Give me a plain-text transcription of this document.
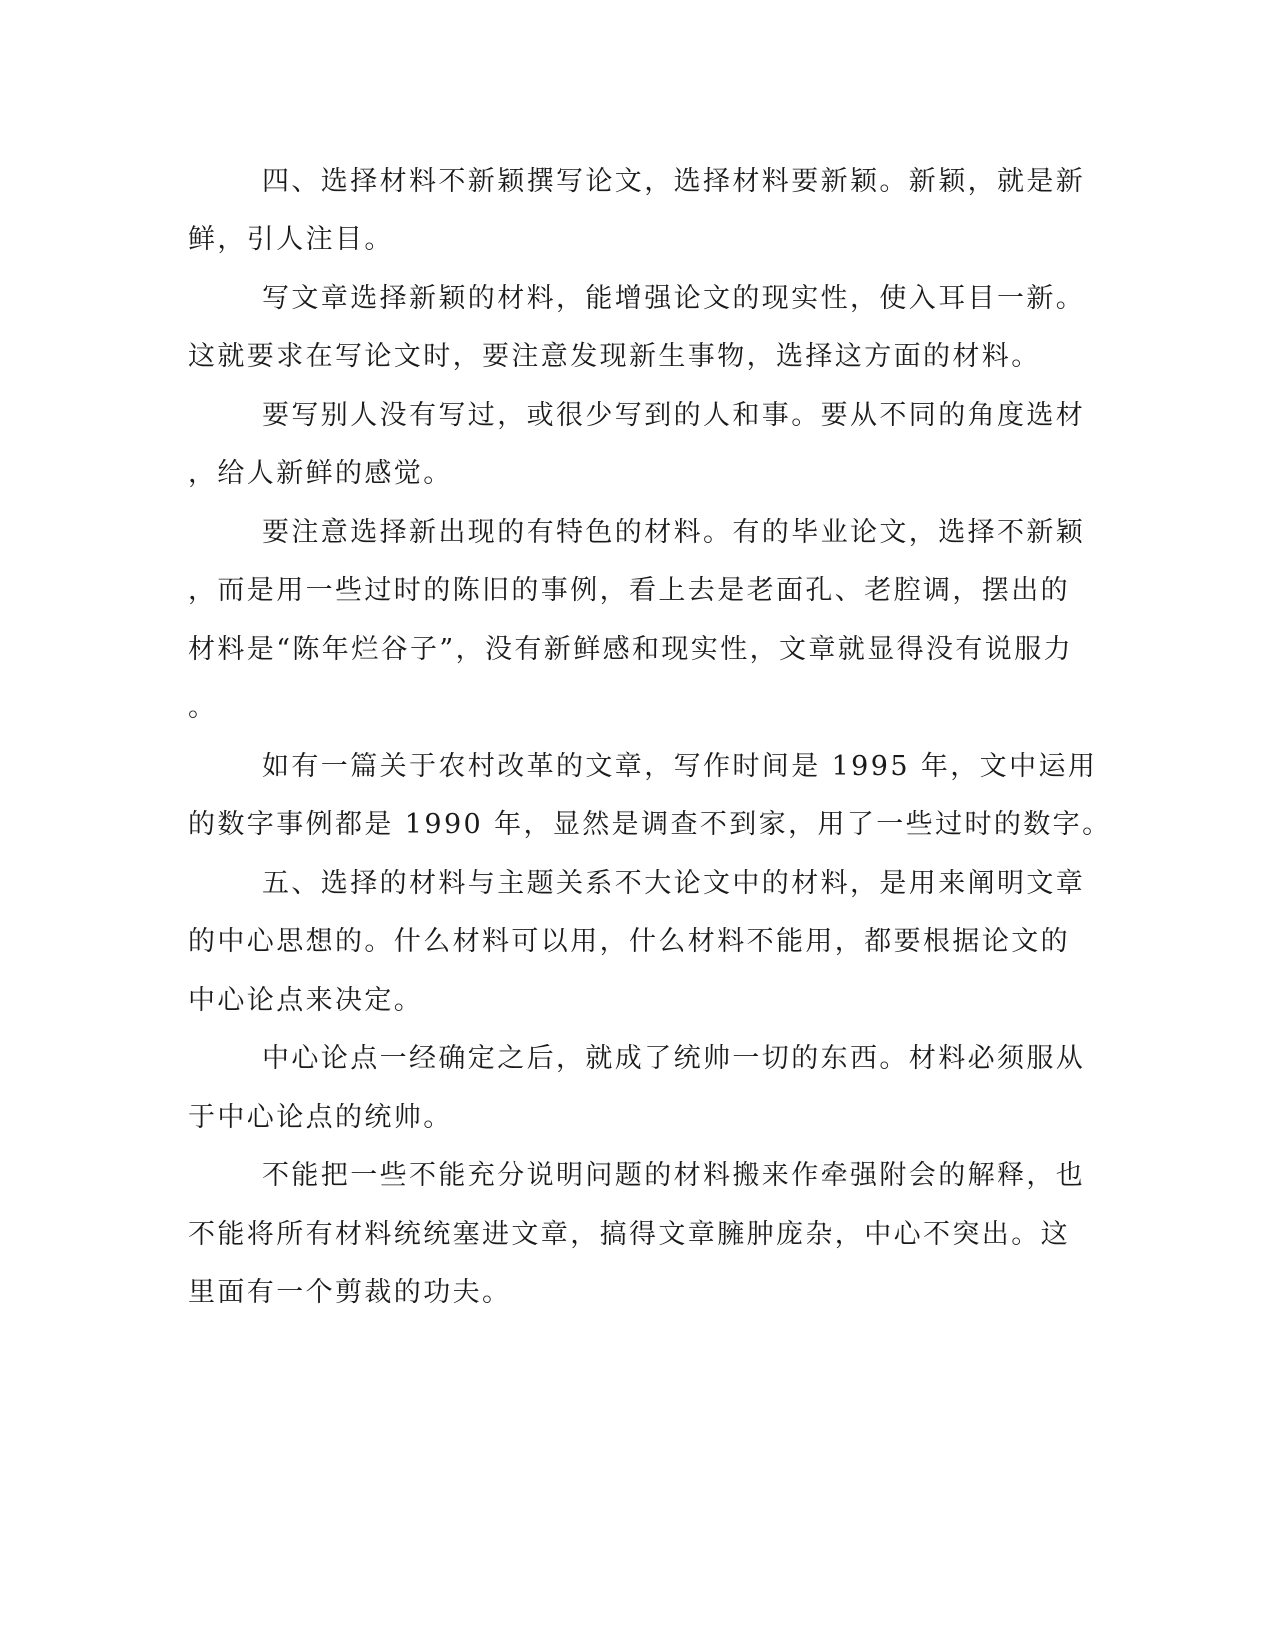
四、选择材料不新颖撰写论文，选择材料要新颖。新颖，就是新
鲜，引人注目。
写文章选择新颖的材料，能增强论文的现实性，使入耳目一新。
这就要求在写论文时，要注意发现新生事物，选择这方面的材料。
要写别人没有写过，或很少写到的人和事。要从不同的角度选材
，给人新鲜的感觉。
要注意选择新出现的有特色的材料。有的毕业论文，选择不新颖
，而是用一些过时的陈旧的事例，看上去是老面孔、老腔调，摆出的
材料是“陈年烂谷子”，没有新鲜感和现实性，文章就显得没有说服力
。
如有一篇关于农村改革的文章，写作时间是 1995 年，文中运用
的数字事例都是 1990 年，显然是调查不到家，用了一些过时的数字。
五、选择的材料与主题关系不大论文中的材料，是用来阐明文章
的中心思想的。什么材料可以用，什么材料不能用，都要根据论文的
中心论点来决定。
中心论点一经确定之后，就成了统帅一切的东西。材料必须服从
于中心论点的统帅。
不能把一些不能充分说明问题的材料搬来作牵强附会的解释，也
不能将所有材料统统塞进文章，搞得文章臃肿庞杂，中心不突出。这
里面有一个剪裁的功夫。
